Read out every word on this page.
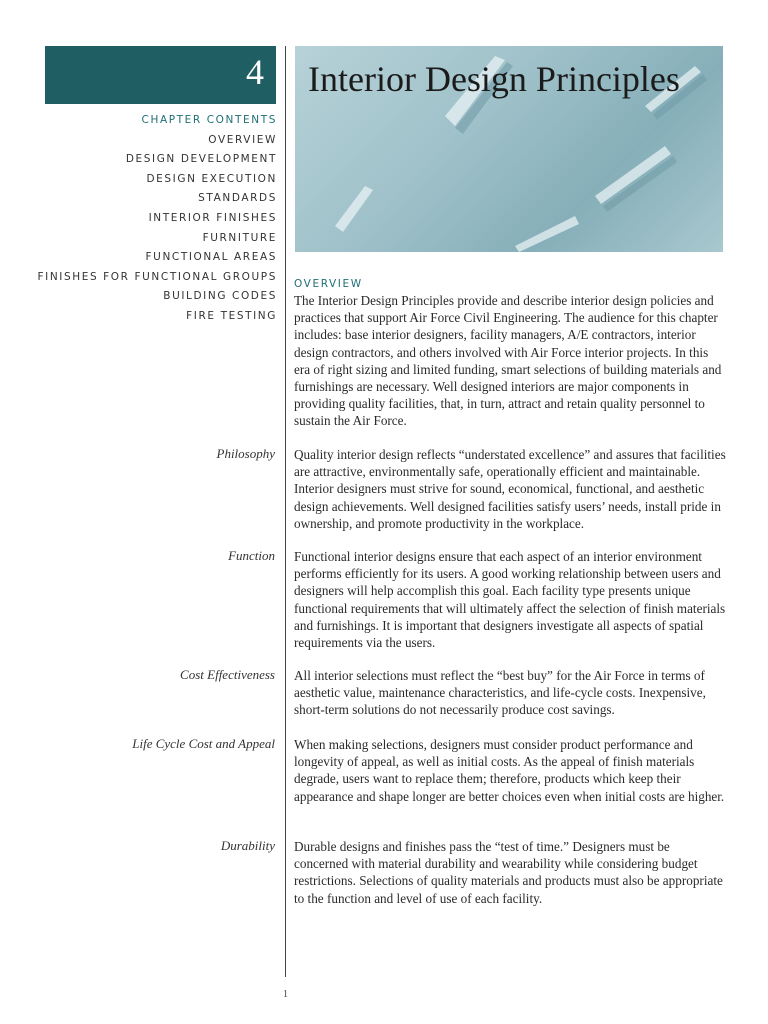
4 Interior Design Principles
CHAPTER CONTENTS
OVERVIEW
DESIGN DEVELOPMENT
DESIGN EXECUTION
STANDARDS
INTERIOR FINISHES
FURNITURE
FUNCTIONAL AREAS
FINISHES FOR FUNCTIONAL GROUPS
BUILDING CODES
FIRE TESTING
OVERVIEW
The Interior Design Principles provide and describe interior design policies and practices that support Air Force Civil Engineering. The audience for this chapter includes: base interior designers, facility managers, A/E contractors, interior design contractors, and others involved with Air Force interior projects. In this era of right sizing and limited funding, smart selections of building materials and furnishings are necessary. Well designed interiors are major components in providing quality facilities, that, in turn, attract and retain quality personnel to sustain the Air Force.
Philosophy Quality interior design reflects “understated excellence” and assures that facilities are attractive, environmentally safe, operationally efficient and maintainable. Interior designers must strive for sound, economical, functional, and aesthetic design achievements. Well designed facilities satisfy users’ needs, install pride in ownership, and promote productivity in the workplace.
Function Functional interior designs ensure that each aspect of an interior environment performs efficiently for its users. A good working relationship between users and designers will help accomplish this goal. Each facility type presents unique functional requirements that will ultimately affect the selection of finish materials and furnishings. It is important that designers investigate all aspects of spatial requirements via the users.
Cost Effectiveness All interior selections must reflect the “best buy” for the Air Force in terms of aesthetic value, maintenance characteristics, and life-cycle costs. Inexpensive, short-term solutions do not necessarily produce cost savings.
Life Cycle Cost and Appeal When making selections, designers must consider product performance and longevity of appeal, as well as initial costs. As the appeal of finish materials degrade, users want to replace them; therefore, products which keep their appearance and shape longer are better choices even when initial costs are higher.
Durability Durable designs and finishes pass the “test of time.” Designers must be concerned with material durability and wearability while considering budget restrictions. Selections of quality materials and products must also be appropriate to the function and level of use of each facility.
1
